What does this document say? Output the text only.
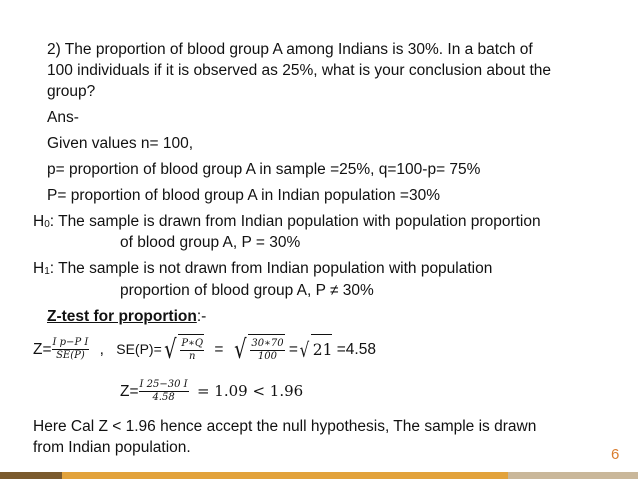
2) The proportion of blood group A among Indians is 30%. In a batch of
100 individuals if it is observed as 25%, what is your conclusion about the
group?
Ans-
Given values n= 100,
p= proportion of blood group A in sample =25%, q=100-p= 75%
P= proportion of blood group A in Indian population =30%
H0: The sample is drawn from Indian population with population proportion
of blood group A, P = 30%
H1: The sample is not drawn from Indian population with population
proportion of blood group A, P ≠ 30%
Z-test for proportion:-
$Z= \frac{\text{I p−P I}}{SE(P)}$ , $SE(P)=√ \frac{P∗Q}{n}$ = √ $\frac{30∗70}{100}$ =√ 21 =4.58
$Z= \frac{I 25-30 I}{4.58} = 1.09 < 1.96$
Here Cal Z < 1.96 hence accept the null hypothesis, The sample is drawn
from Indian population.	6
